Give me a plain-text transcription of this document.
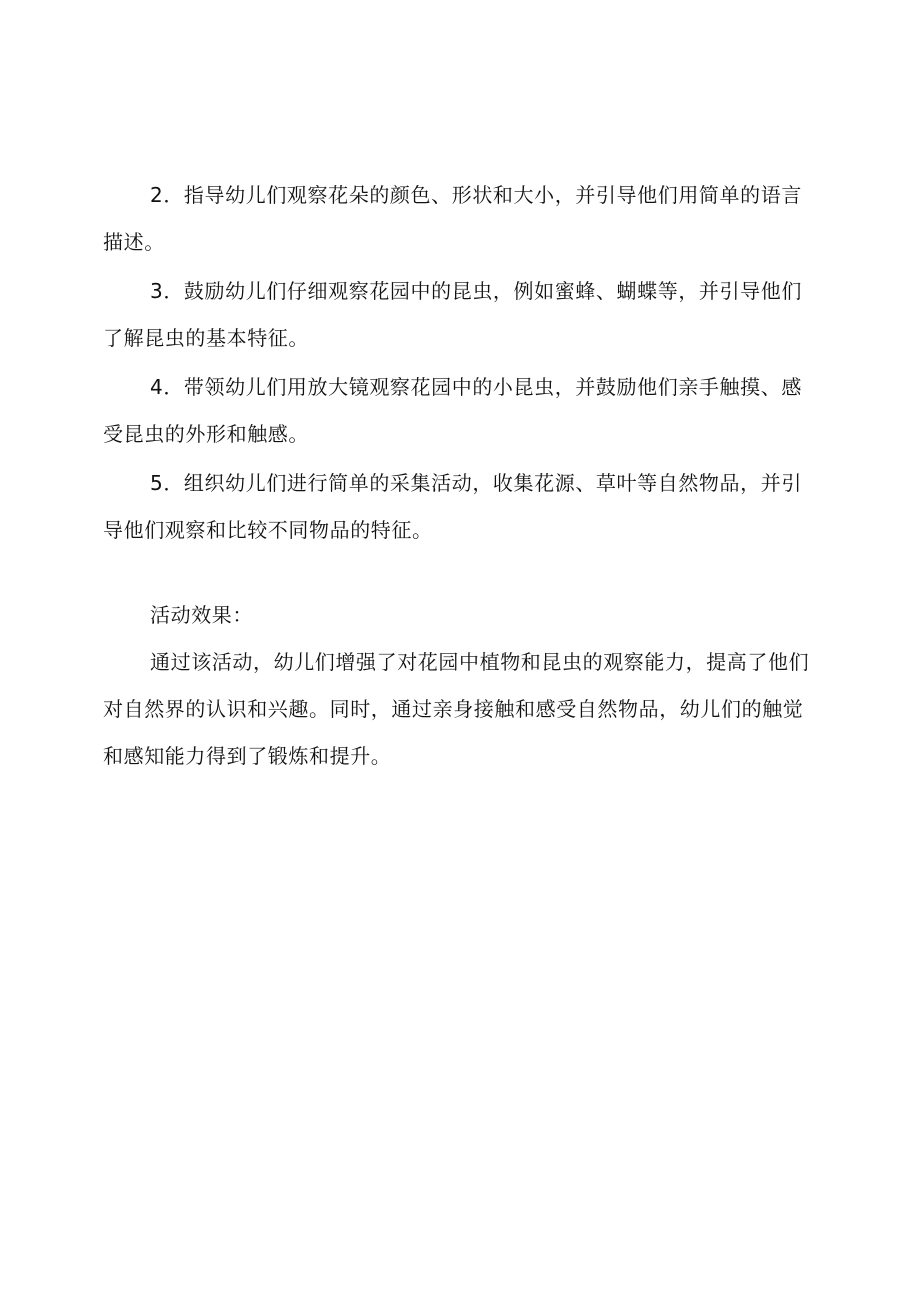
2．指导幼儿们观察花朵的颜色、形状和大小，并引导他们用简单的语言描述。

3．鼓励幼儿们仔细观察花园中的昆虫，例如蜜蜂、蝴蝶等，并引导他们了解昆虫的基本特征。

4．带领幼儿们用放大镜观察花园中的小昆虫，并鼓励他们亲手触摸、感受昆虫的外形和触感。

5．组织幼儿们进行简单的采集活动，收集花源、草叶等自然物品，并引导他们观察和比较不同物品的特征。

活动效果：

通过该活动，幼儿们增强了对花园中植物和昆虫的观察能力，提高了他们对自然界的认识和兴趣。同时，通过亲身接触和感受自然物品，幼儿们的触觉和感知能力得到了锻炼和提升。
